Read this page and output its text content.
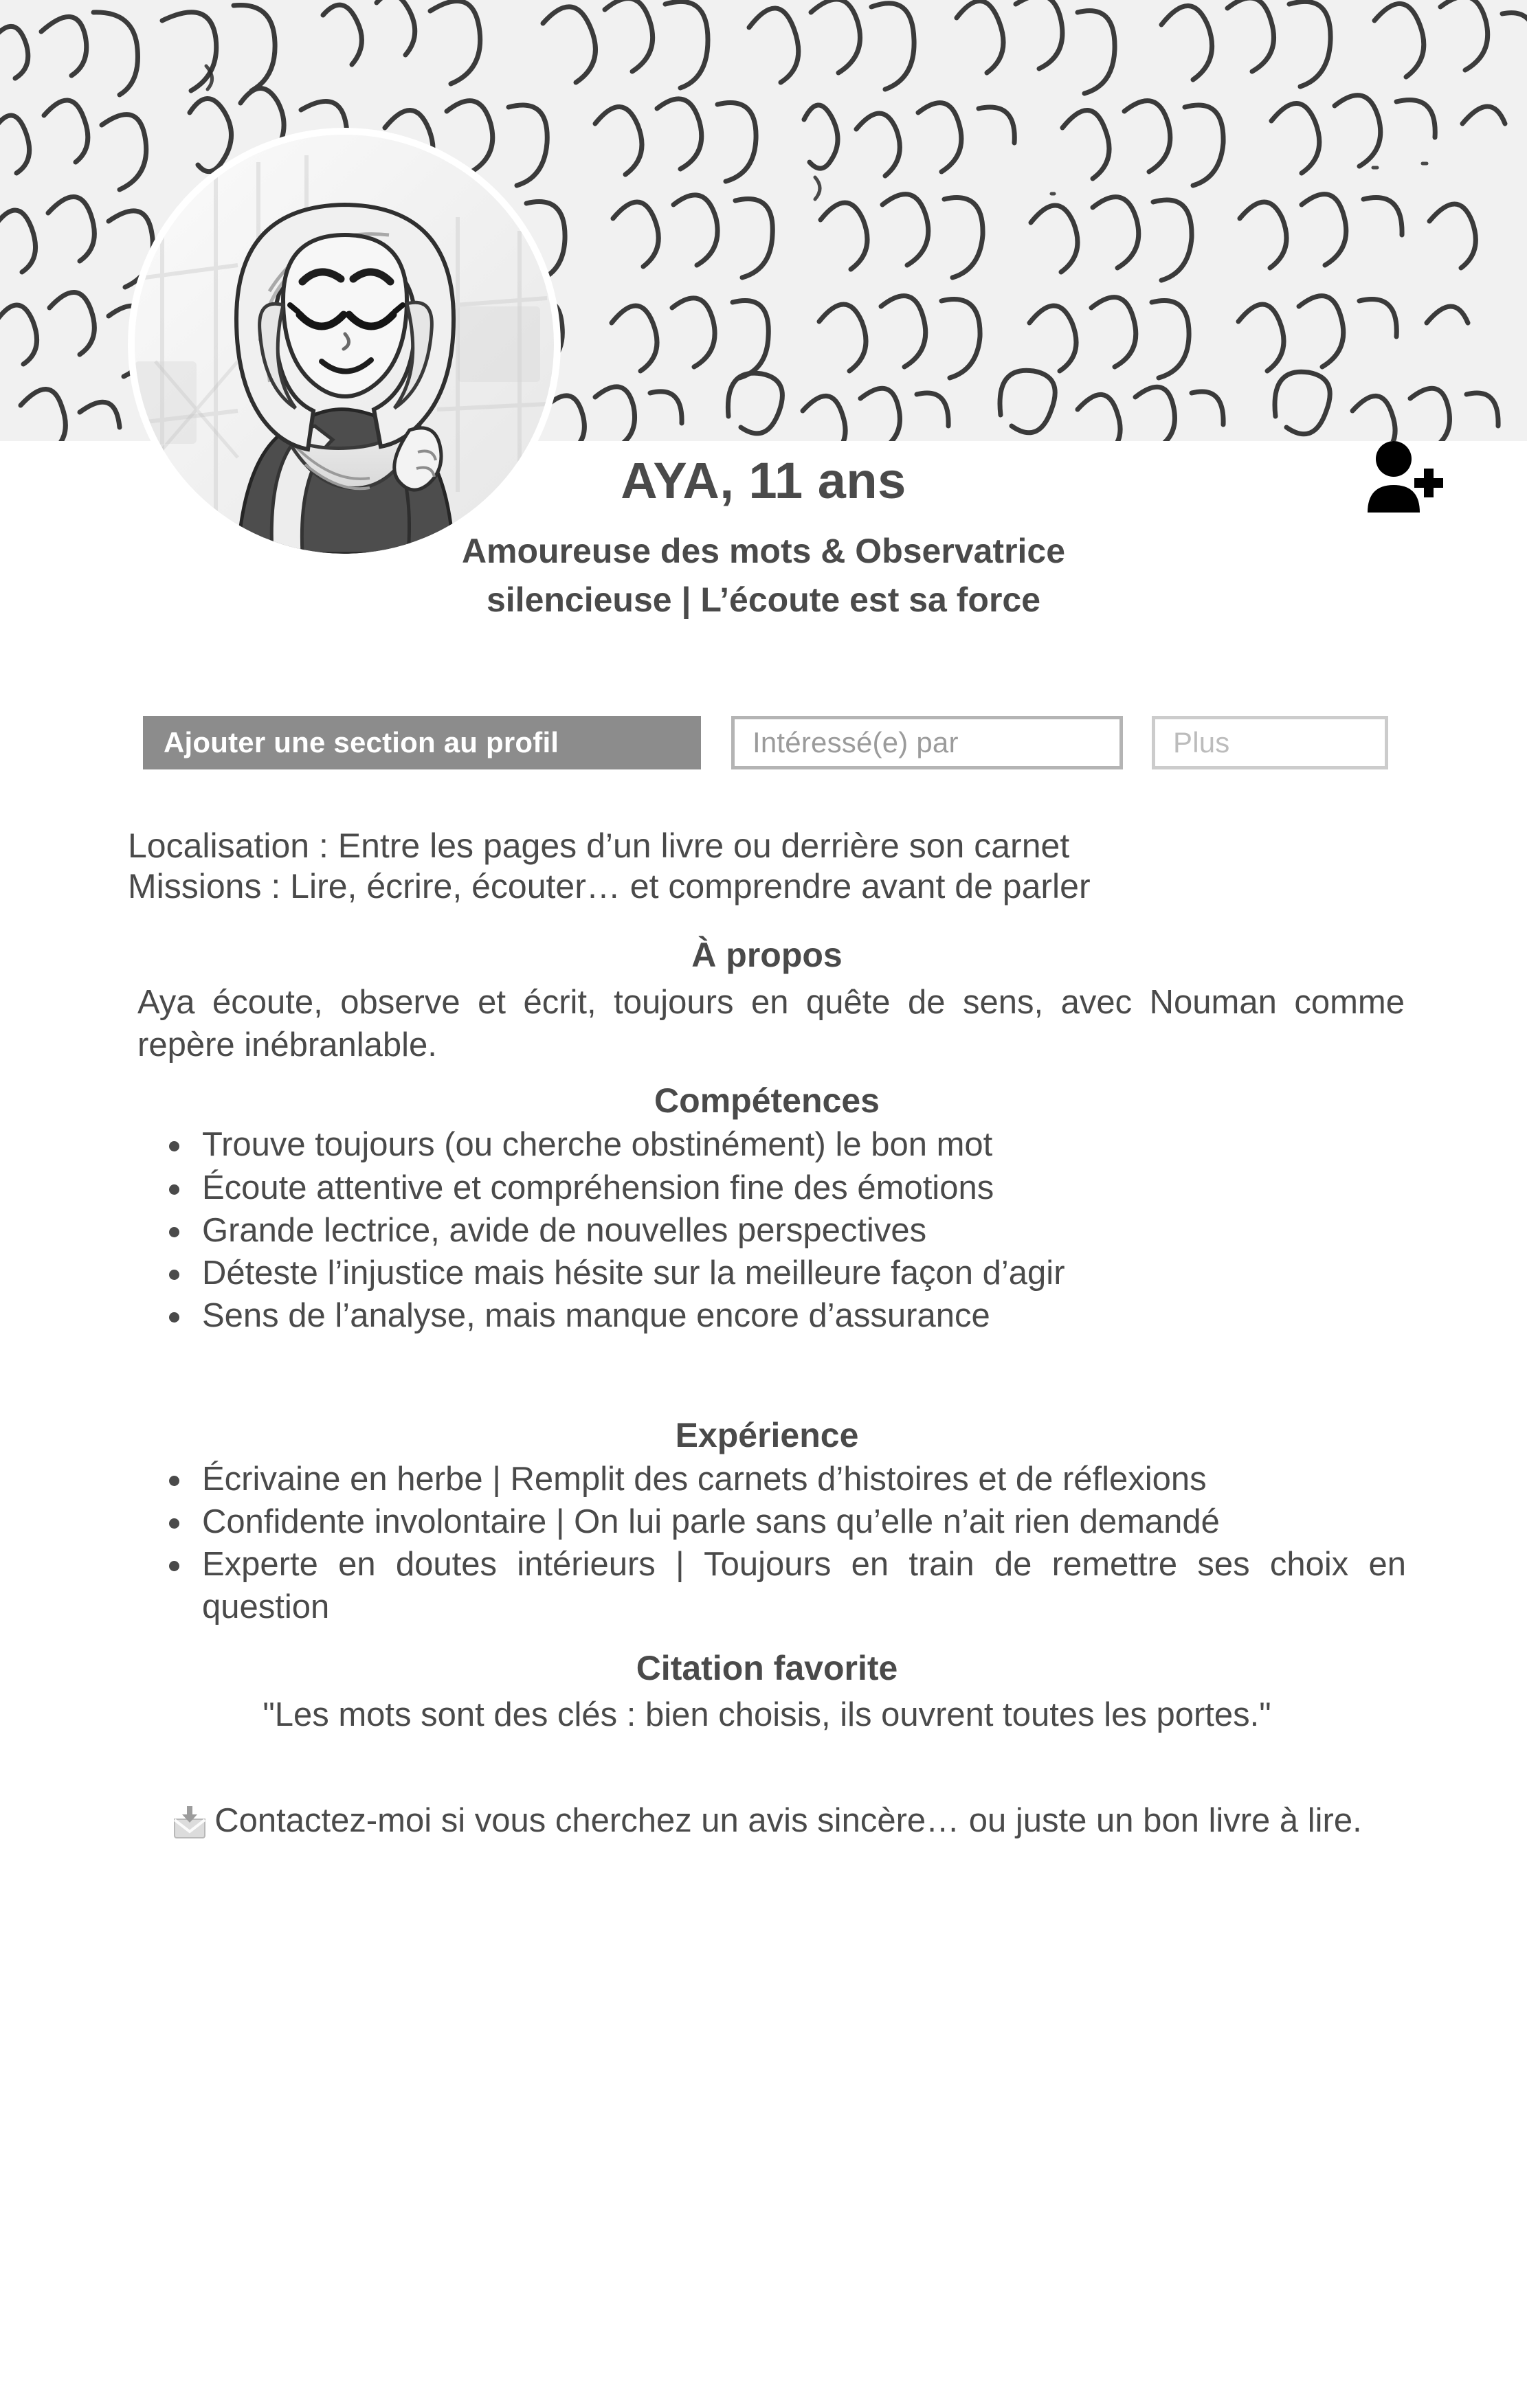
AYA, 11 ans

Amoureuse des mots & Observatrice
silencieuse | L’écoute est sa force

Ajouter une section au profil	Intéressé(e) par	Plus

Localisation : Entre les pages d’un livre ou derrière son carnet

Missions : Lire, écrire, écouter… et comprendre avant de parler

À propos

Aya écoute, observe et écrit, toujours en quête de sens, avec Nouman comme repère inébranlable.

Compétences
Trouve toujours (ou cherche obstinément) le bon mot
Écoute attentive et compréhension fine des émotions
Grande lectrice, avide de nouvelles perspectives
Déteste l’injustice mais hésite sur la meilleure façon d’agir
Sens de l’analyse, mais manque encore d’assurance
Expérience
Écrivaine en herbe | Remplit des carnets d’histoires et de réflexions
Confidente involontaire | On lui parle sans qu’elle n’ait rien demandé
Experte en doutes intérieurs | Toujours en train de remettre ses choix en question
Citation favorite

"Les mots sont des clés : bien choisis, ils ouvrent toutes les portes."

Contactez-moi si vous cherchez un avis sincère… ou juste un bon livre à lire.
